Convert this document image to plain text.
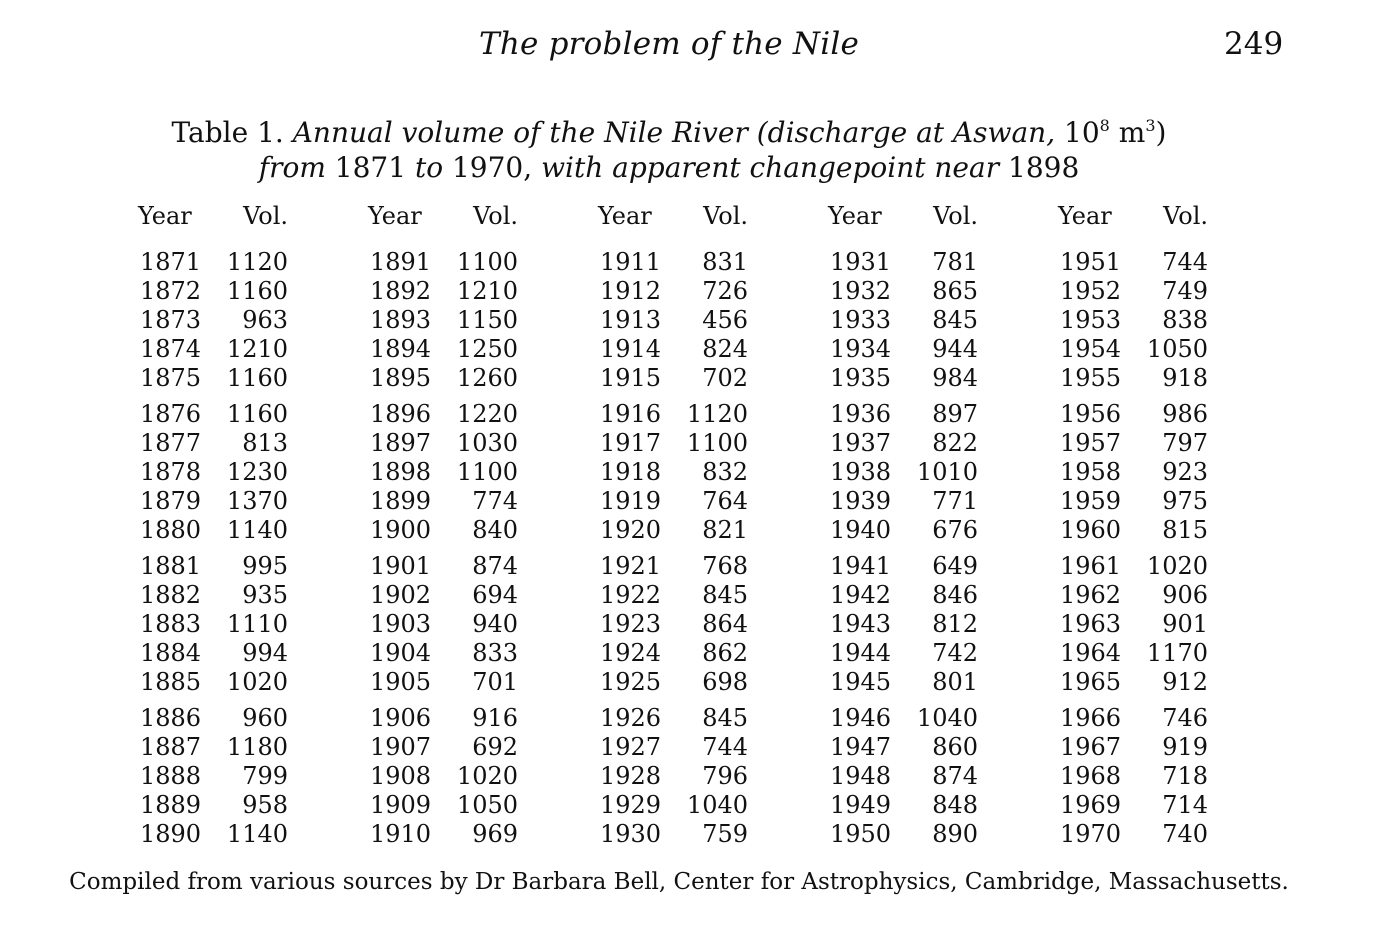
The problem of the Nile	249
Table 1. Annual volume of the Nile River (discharge at Aswan, $10^8$ $m^3$)
from 1871 to 1970, with apparent changepoint near 1898
Year Vol.
1871	1120
1872	1160
1873	963
1874	1210
1875	1160
1876	1160
1877	813
1878	1230
1879	1370
1880	1140
1881	995
1882	935
1883	1110
1884	994
1885	1020
1886	960
1887	1180
1888	799
1889	958
1890	1140
Year Vol.
1891	1100
1892	1210
1893	1150
1894	1250
1895	1260
1896	1220
1897	1030
1898	1100
1899	774
1900	840
1901	874
1902	694
1903	940
1904	833
1905	701
1906	916
1907	692
1908	1020
1909	1050
1910	969
Year Vol.
1911	831
1912	726
1913	456
1914	824
1915	702
1916	1120
1917	1100
1918	832
1919	764
1920	821
1921	768
1922	845
1923	864
1924	862
1925	698
1926	845
1927	744
1928	796
1929	1040
1930	759
Year Vol.
1931	781
1932	865
1933	845
1934	944
1935	984
1936	897
1937	822
1938	1010
1939	771
1940	676
1941	649
1942	846
1943	812
1944	742
1945	801
1946	1040
1947	860
1948	874
1949	848
1950	890
Year Vol.
1951	744
1952	749
1953	838
1954	1050
1955	918
1956	986
1957	797
1958	923
1959	975
1960	815
1961	1020
1962	906
1963	901
1964	1170
1965	912
1966	746
1967	919
1968	718
1969	714
1970	740
Compiled from various sources by Dr Barbara Bell, Center for Astrophysics, Cambridge, Massachusetts.
